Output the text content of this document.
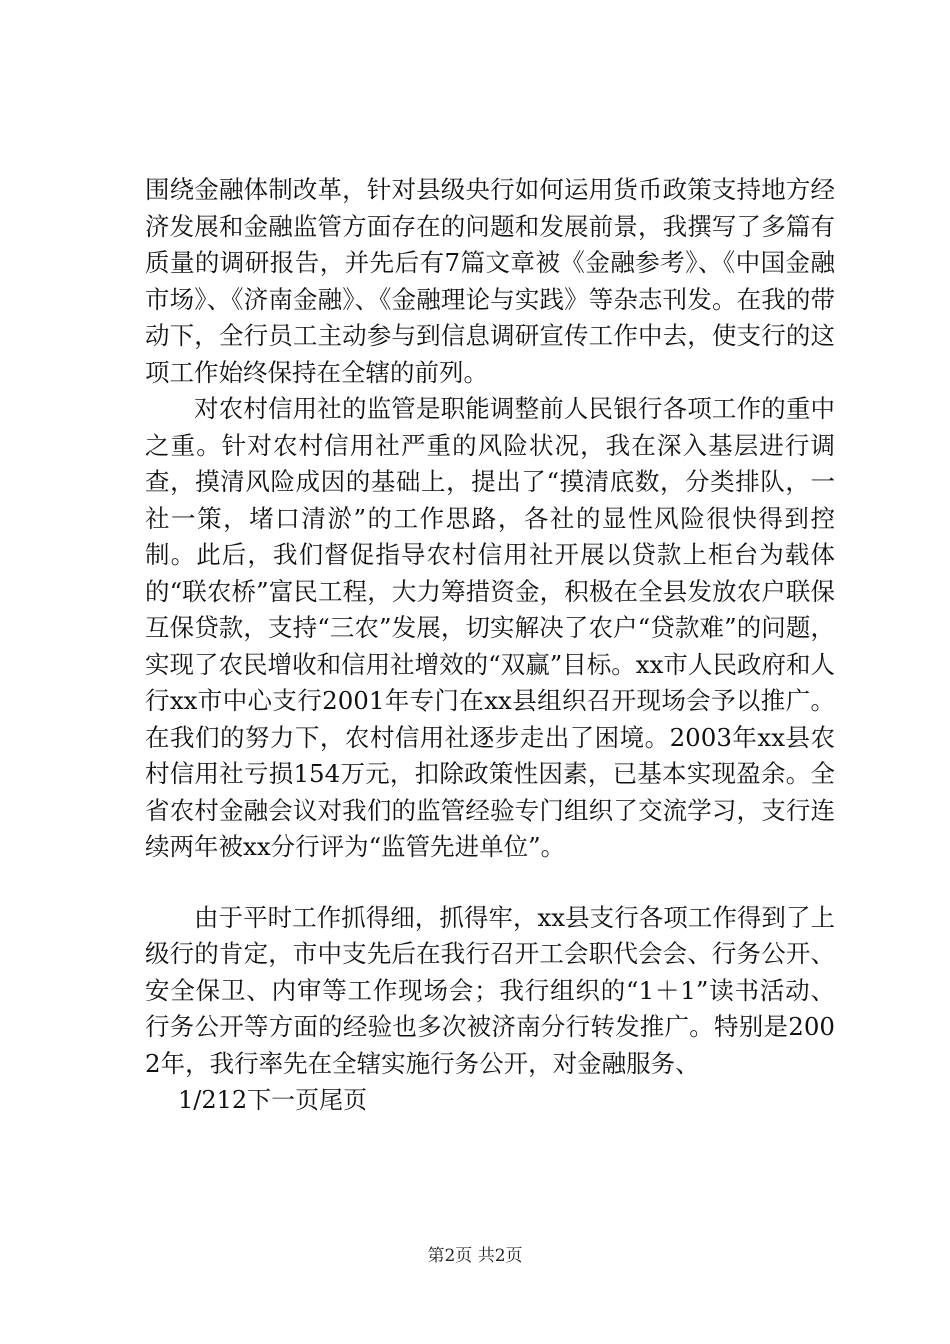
围绕金融体制改革，针对县级央行如何运用货币政策支持地方经济发展和金融监管方面存在的问题和发展前景，我撰写了多篇有质量的调研报告，并先后有7篇文章被《金融参考》、《中国金融市场》、《济南金融》、《金融理论与实践》等杂志刊发。在我的带动下，全行员工主动参与到信息调研宣传工作中去，使支行的这项工作始终保持在全辖的前列。

对农村信用社的监管是职能调整前人民银行各项工作的重中之重。针对农村信用社严重的风险状况，我在深入基层进行调查，摸清风险成因的基础上，提出了“摸清底数，分类排队，一社一策，堵口清淤”的工作思路，各社的显性风险很快得到控制。此后，我们督促指导农村信用社开展以贷款上柜台为载体的“联农桥”富民工程，大力筹措资金，积极在全县发放农户联保互保贷款，支持“三农”发展，切实解决了农户“贷款难”的问题，实现了农民增收和信用社增效的“双赢”目标。xx市人民政府和人行xx市中心支行2001年专门在xx县组织召开现场会予以推广。在我们的努力下，农村信用社逐步走出了困境。2003年xx县农村信用社亏损154万元，扣除政策性因素，已基本实现盈余。全省农村金融会议对我们的监管经验专门组织了交流学习，支行连续两年被xx分行评为“监管先进单位”。

由于平时工作抓得细，抓得牢，xx县支行各项工作得到了上级行的肯定，市中支先后在我行召开工会职代会会、行务公开、安全保卫、内审等工作现场会；我行组织的“1＋1”读书活动、行务公开等方面的经验也多次被济南分行转发推广。特别是2002年，我行率先在全辖实施行务公开，对金融服务、

1/212下一页尾页

第2页 共2页
